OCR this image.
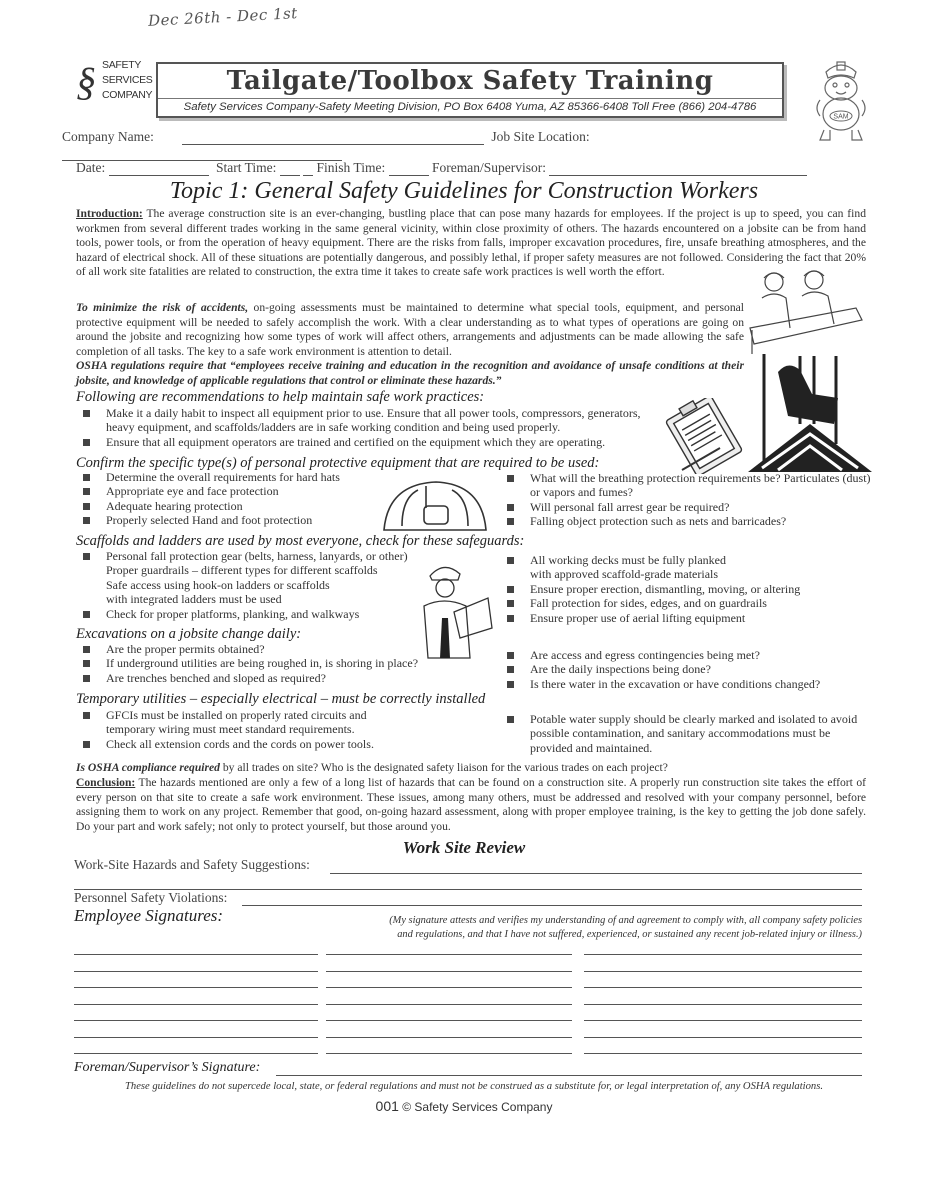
Dec 26th - Dec 1st
§ SAFETY
SERVICES
COMPANY	Tailgate/Toolbox Safety Training
Safety Services Company-Safety Meeting Division, PO Box 6408 Yuma, AZ 85366-6408 Toll Free (866) 204-4786
SAM
Company Name:	Job Site Location:
Date:	Start Time:	Finish Time:	Foreman/Supervisor:
Topic 1: General Safety Guidelines for Construction Workers
Introduction: The average construction site is an ever-changing, bustling place that can pose many hazards for employees. If the project is up to speed, you can find workmen from several different trades working in the same general vicinity, within close proximity of others. The hazards encountered on a jobsite can be from hand tools, power tools, or from the operation of heavy equipment. There are the risks from falls, improper excavation procedures, fire, unsafe breathing atmospheres, and the hazard of electrical shock. All of these situations are potentially dangerous, and possibly lethal, if proper safety measures are not followed. Considering the fact that 20% of all work site fatalities are related to construction, the extra time it takes to create safe work practices is well worth the effort.
To minimize the risk of accidents, on-going assessments must be maintained to determine what special tools, equipment, and personal protective equipment will be needed to safely accomplish the work. With a clear understanding as to what types of operations are going on around the jobsite and recognizing how some types of work will affect others, arrangements and adjustments can be made allowing the safe completion of all tasks. The key to a safe work environment is attention to detail.
OSHA regulations require that “employees receive training and education in the recognition and avoidance of unsafe conditions at their jobsite, and knowledge of applicable regulations that control or eliminate these hazards.”
Following are recommendations to help maintain safe work practices:
Make it a daily habit to inspect all equipment prior to use. Ensure that all power tools, compressors, generators, heavy equipment, and scaffolds/ladders are in safe working condition and being used properly.
Ensure that all equipment operators are trained and certified on the equipment which they are operating.
Confirm the specific type(s) of personal protective equipment that are required to be used:
Determine the overall requirements for hard hats
Appropriate eye and face protection
Adequate hearing protection
Properly selected Hand and foot protection
What will the breathing protection requirements be? Particulates (dust) or vapors and fumes?
Will personal fall arrest gear be required?
Falling object protection such as nets and barricades?
Scaffolds and ladders are used by most everyone, check for these safeguards:
Personal fall protection gear (belts, harness, lanyards, or other)
Proper guardrails – different types for different scaffolds
Safe access using hook-on ladders or scaffolds
with integrated ladders must be used
Check for proper platforms, planking, and walkways
All working decks must be fully planked
with approved scaffold-grade materials
Ensure proper erection, dismantling, moving, or altering
Fall protection for sides, edges, and on guardrails
Ensure proper use of aerial lifting equipment
Excavations on a jobsite change daily:
Are the proper permits obtained?
If underground utilities are being roughed in, is shoring in place?
Are trenches benched and sloped as required?
Are access and egress contingencies being met?
Are the daily inspections being done?
Is there water in the excavation or have conditions changed?
Temporary utilities – especially electrical – must be correctly installed
GFCIs must be installed on properly rated circuits and temporary wiring must meet standard requirements.
Check all extension cords and the cords on power tools.
Potable water supply should be clearly marked and isolated to avoid possible contamination, and sanitary accommodations must be provided and maintained.
Is OSHA compliance required by all trades on site? Who is the designated safety liaison for the various trades on each project?
Conclusion: The hazards mentioned are only a few of a long list of hazards that can be found on a construction site. A properly run construction site takes the effort of every person on that site to create a safe work environment. These issues, among many others, must be addressed and resolved with your company personnel, before assigning them to work on any project. Remember that good, on-going hazard assessment, along with proper employee training, is the key to getting the job done safely. Do your part and work safely; not only to protect yourself, but those around you.
Work Site Review
Work-Site Hazards and Safety Suggestions:
Personnel Safety Violations:
Employee Signatures:	(My signature attests and verifies my understanding of and agreement to comply with, all company safety policies
and regulations, and that I have not suffered, experienced, or sustained any recent job-related injury or illness.)
Foreman/Supervisor’s Signature:
These guidelines do not supercede local, state, or federal regulations and must not be construed as a substitute for, or legal interpretation of, any OSHA regulations.
001 © Safety Services Company
